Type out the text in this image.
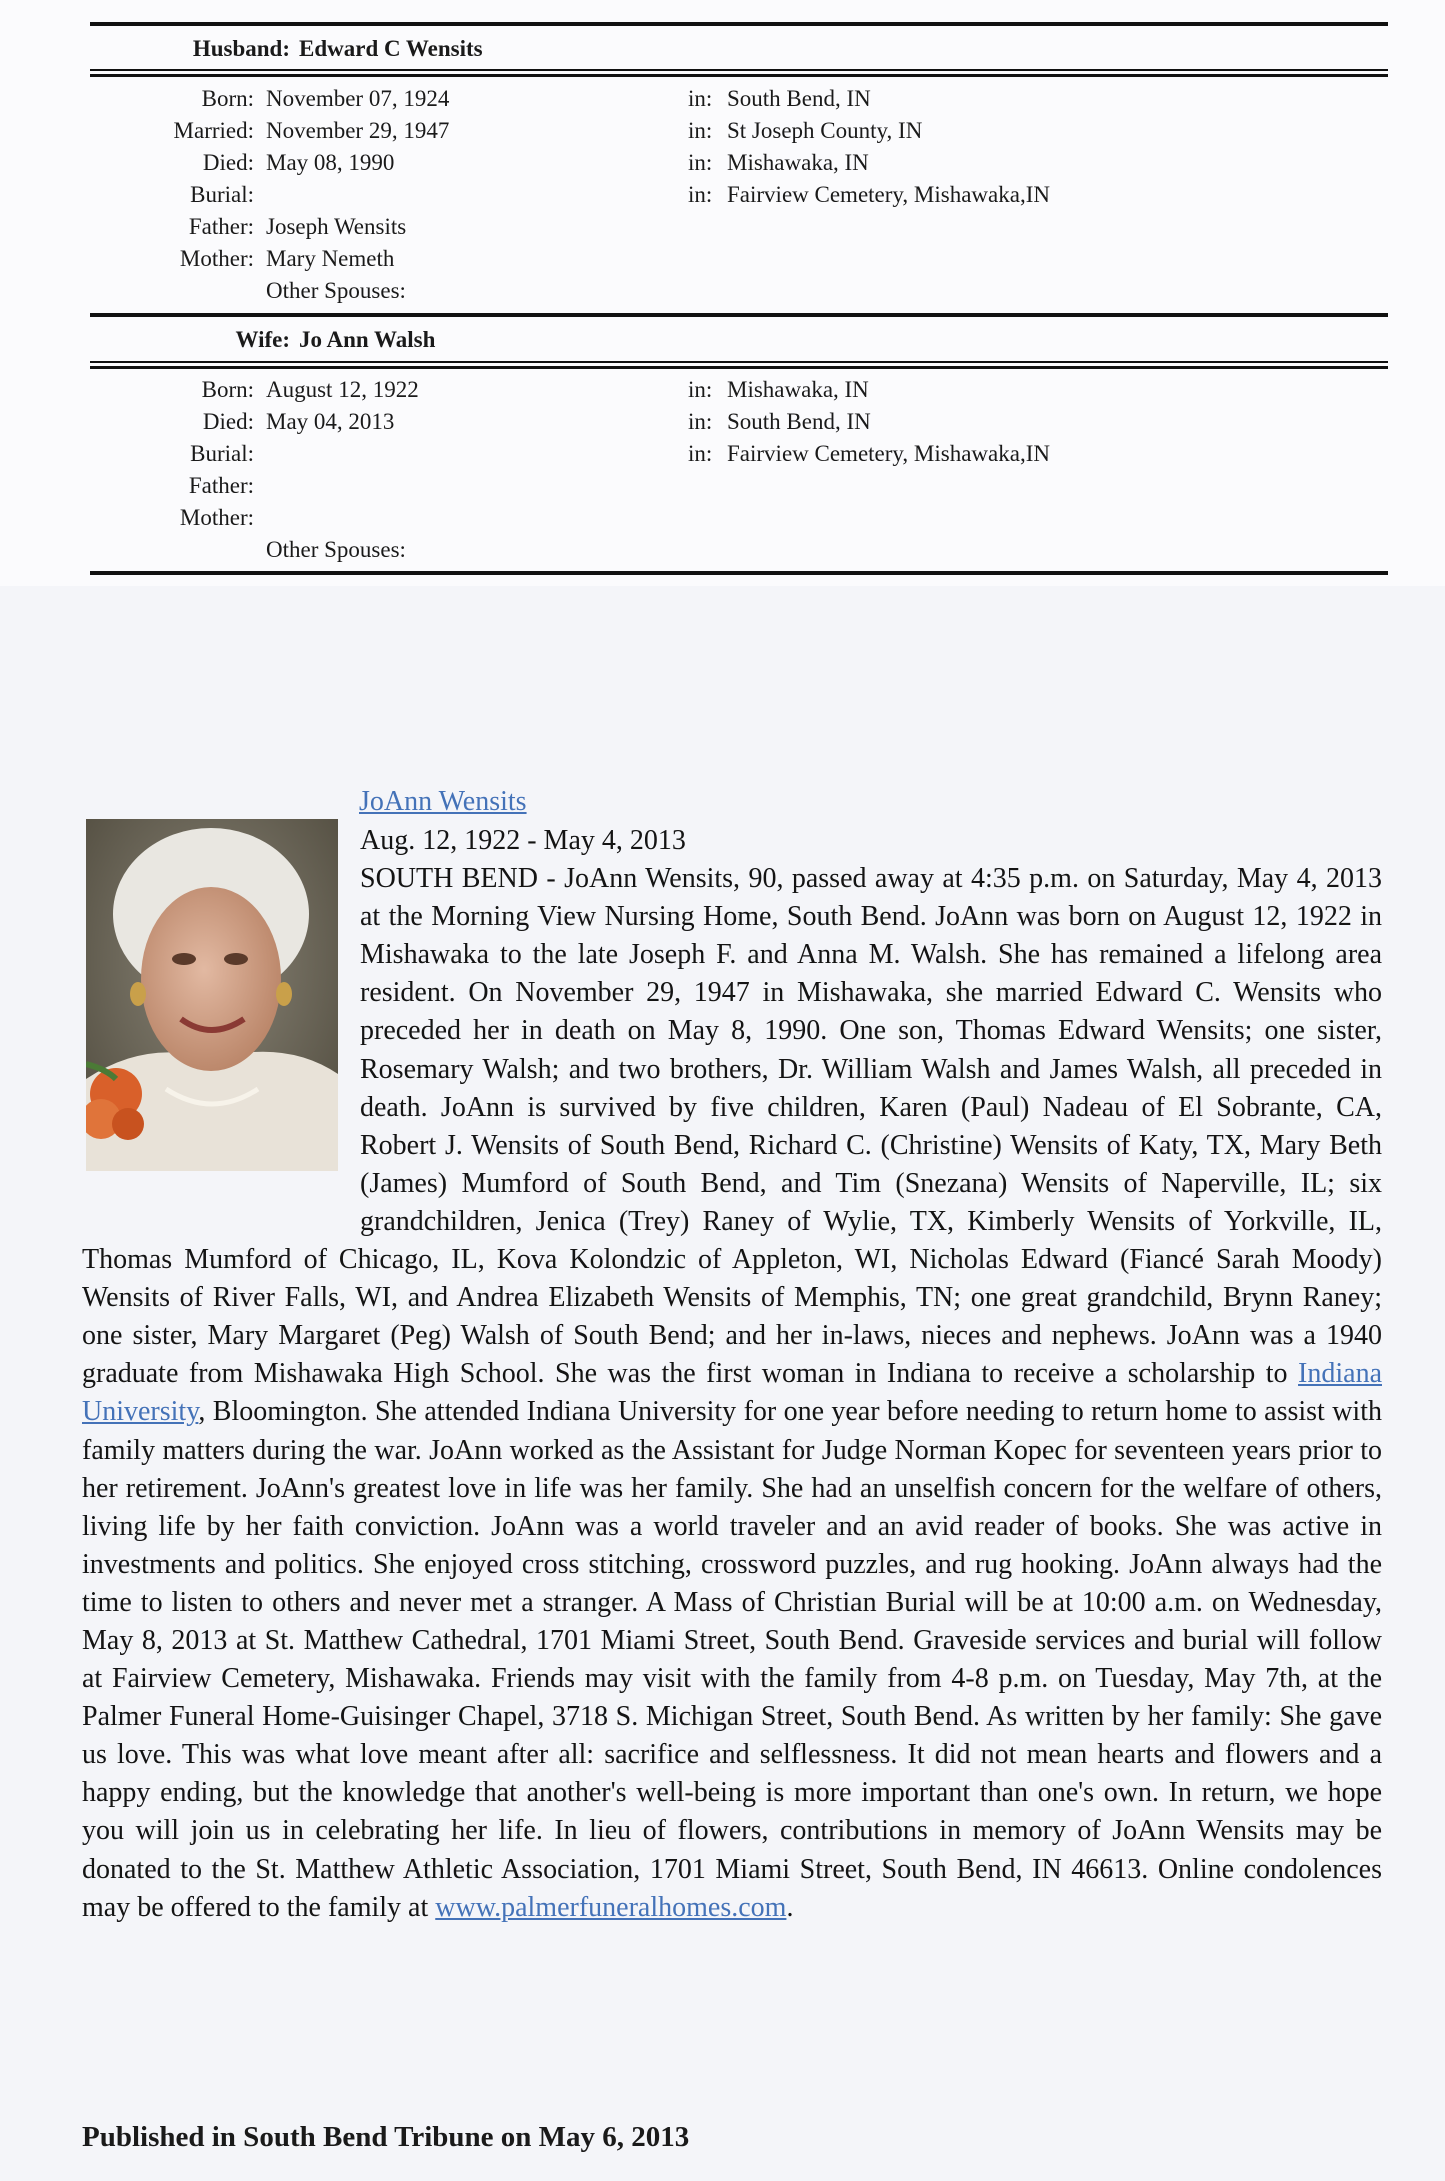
Husband: Edward C Wensits
Born: November 07, 1924	in: South Bend, IN
Married: November 29, 1947	in: St Joseph County, IN
Died: May 08, 1990	in: Mishawaka, IN
Burial:	in: Fairview Cemetery, Mishawaka,IN
Father: Joseph Wensits
Mother: Mary Nemeth
Other Spouses:
Wife: Jo Ann Walsh
Born: August 12, 1922	in: Mishawaka, IN
Died: May 04, 2013	in: South Bend, IN
Burial:	in: Fairview Cemetery, Mishawaka,IN
Father:
Mother:
Other Spouses:
JoAnn Wensits

Aug. 12, 1922 - May 4, 2013

SOUTH BEND - JoAnn Wensits, 90, passed away at 4:35 p.m. on Saturday, May 4, 2013 at the Morning View Nursing Home, South Bend. JoAnn was born on August 12, 1922 in Mishawaka to the late Joseph F. and Anna M. Walsh. She has remained a lifelong area resident. On November 29, 1947 in Mishawaka, she married Edward C. Wensits who preceded her in death on May 8, 1990. One son, Thomas Edward Wensits; one sister, Rosemary Walsh; and two brothers, Dr. William Walsh and James Walsh, all preceded in death. JoAnn is survived by five children, Karen (Paul) Nadeau of El Sobrante, CA, Robert J. Wensits of South Bend, Richard C. (Christine) Wensits of Katy, TX, Mary Beth (James) Mumford of South Bend, and Tim (Snezana) Wensits of Naperville, IL; six grandchildren, Jenica (Trey) Raney of Wylie, TX, Kimberly Wensits of Yorkville, IL, Thomas Mumford of Chicago, IL, Kova Kolondzic of Appleton, WI, Nicholas Edward (Fiancé Sarah Moody) Wensits of River Falls, WI, and Andrea Elizabeth Wensits of Memphis, TN; one great grandchild, Brynn Raney; one sister, Mary Margaret (Peg) Walsh of South Bend; and her in-laws, nieces and nephews. JoAnn was a 1940 graduate from Mishawaka High School. She was the first woman in Indiana to receive a scholarship to Indiana University, Bloomington. She attended Indiana University for one year before needing to return home to assist with family matters during the war. JoAnn worked as the Assistant for Judge Norman Kopec for seventeen years prior to her retirement. JoAnn's greatest love in life was her family. She had an unselfish concern for the welfare of others, living life by her faith conviction. JoAnn was a world traveler and an avid reader of books. She was active in investments and politics. She enjoyed cross stitching, crossword puzzles, and rug hooking. JoAnn always had the time to listen to others and never met a stranger. A Mass of Christian Burial will be at 10:00 a.m. on Wednesday, May 8, 2013 at St. Matthew Cathedral, 1701 Miami Street, South Bend. Graveside services and burial will follow at Fairview Cemetery, Mishawaka. Friends may visit with the family from 4-8 p.m. on Tuesday, May 7th, at the Palmer Funeral Home-Guisinger Chapel, 3718 S. Michigan Street, South Bend. As written by her family: She gave us love. This was what love meant after all: sacrifice and selflessness. It did not mean hearts and flowers and a happy ending, but the knowledge that another's well-being is more important than one's own. In return, we hope you will join us in celebrating her life. In lieu of flowers, contributions in memory of JoAnn Wensits may be donated to the St. Matthew Athletic Association, 1701 Miami Street, South Bend, IN 46613. Online condolences may be offered to the family at www.palmerfuneralhomes.com.

Published in South Bend Tribune on May 6, 2013
